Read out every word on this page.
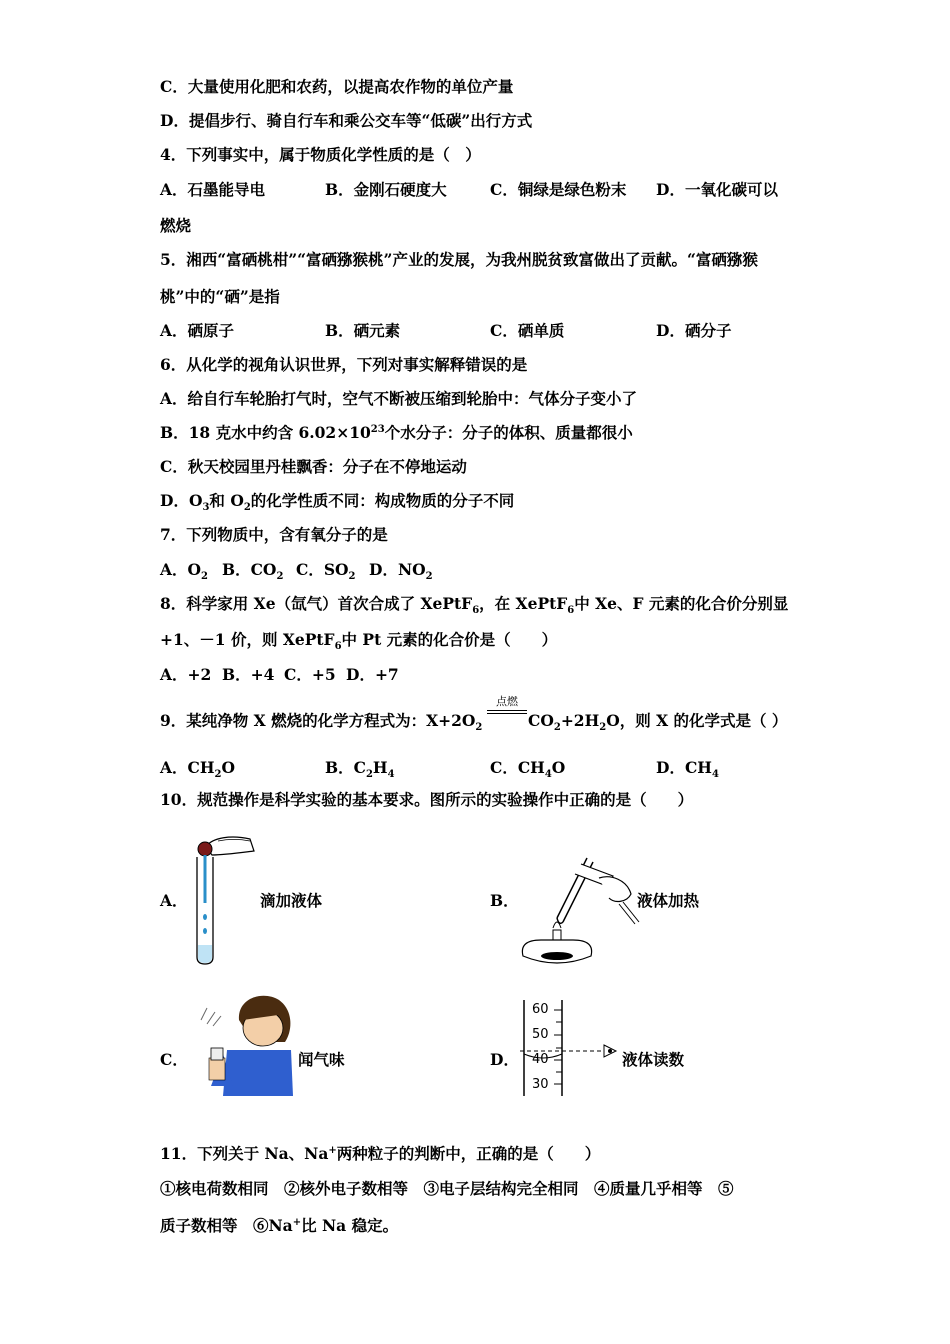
C．大量使用化肥和农药，以提高农作物的单位产量
D．提倡步行、骑自行车和乘公交车等“低碳”出行方式
4．下列事实中，属于物质化学性质的是（　）
A．石墨能导电	B．金刚石硬度大	C．铜绿是绿色粉末 D．一氧化碳可以
燃烧
5．湘西“富硒桃柑”“富硒猕猴桃”产业的发展，为我州脱贫致富做出了贡献。“富硒猕猴
桃”中的“硒”是指
A．硒原子	B．硒元素	C．硒单质	D．硒分子
6．从化学的视角认识世界，下列对事实解释错误的是
A．给自行车轮胎打气时，空气不断被压缩到轮胎中：气体分子变小了
B．18 克水中约含 $6.02\times 10^{23}$个水分子：分子的体积、质量都很小
C．秋天校园里丹桂飘香：分子在不停地运动
D．$O_3$和 $O_2$的化学性质不同：构成物质的分子不同
7．下列物质中，含有氧分子的是
A．$O_2$ B．$CO_2$ C．$SO_2$ D．$NO_2$
8．科学家用 Xe（氙气）首次合成了 XePtF$_6$，在 XePtF$_6$中 Xe、F 元素的化合价分别显
+1、－1 价，则 XePtF$_6$中 Pt 元素的化合价是（　　）
A．+2 B．+4 C．+5 D．+7
9．某纯净物 X 燃烧的化学方程式为：$X+2O_2$
点燃
$CO_2+2H_2O$，则 X 的化学式是（ ）
A．$CH_2O$	B．$C_2H_4$	C．$CH_4O$	D．$CH_4$
10．规范操作是科学实验的基本要求。图所示的实验操作中正确的是（　　）
A．	滴加液体	B．	液体加热
C．	闻气味	D．
60
50
40
30
液体读数
11．下列关于 Na、Na+两种粒子的判断中，正确的是（　　）
①核电荷数相同　②核外电子数相等　③电子层结构完全相同　④质量几乎相等　⑤
质子数相等　⑥Na+比 Na 稳定。
